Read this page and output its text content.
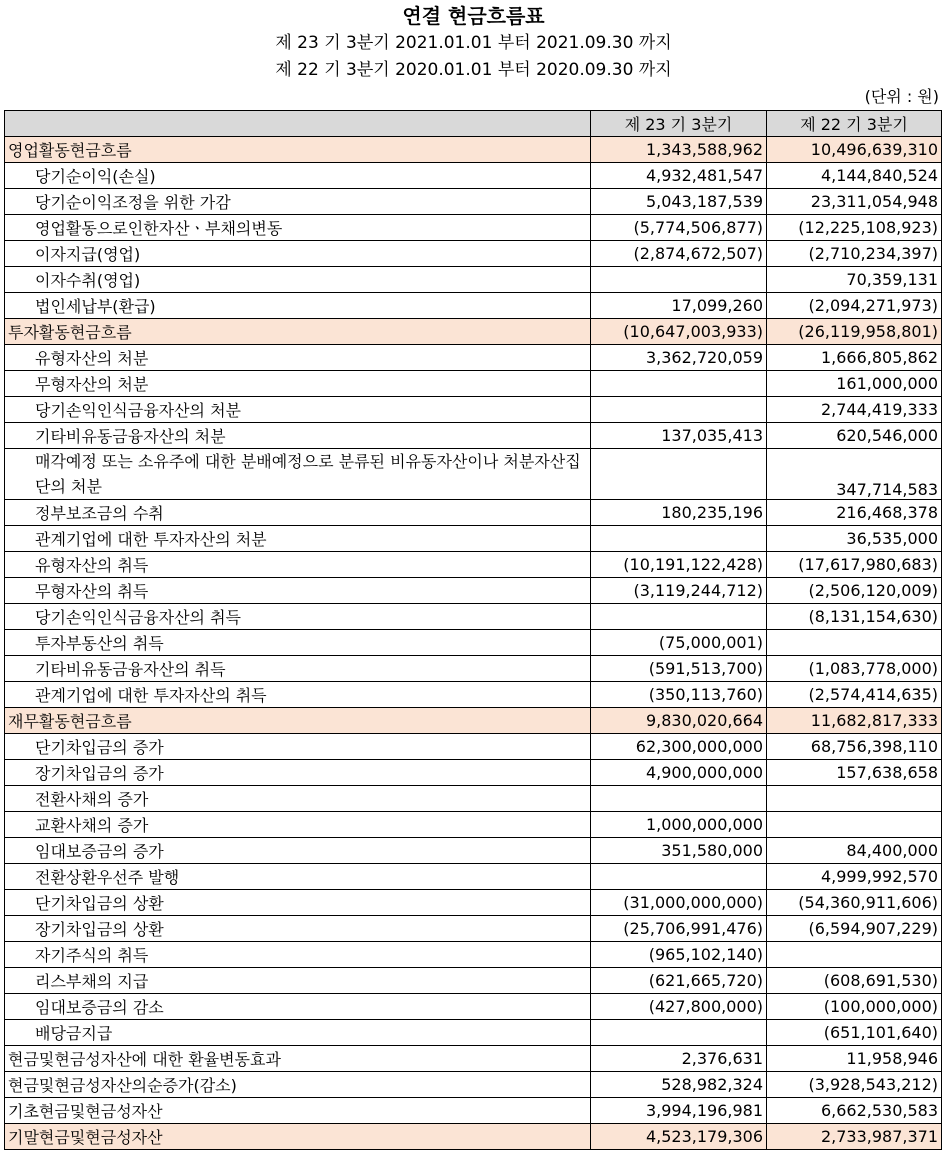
연결 현금흐름표
제 23 기 3분기 2021.01.01 부터 2021.09.30 까지
제 22 기 3분기 2020.01.01 부터 2020.09.30 까지
(단위 : 원)
	제 23 기 3분기	제 22 기 3분기
영업활동현금흐름	1,343,588,962	10,496,639,310
당기순이익(손실)	4,932,481,547	4,144,840,524
당기순이익조정을 위한 가감	5,043,187,539	23,311,054,948
영업활동으로인한자산ㆍ부채의변동	(5,774,506,877)	(12,225,108,923)
이자지급(영업)	(2,874,672,507)	(2,710,234,397)
이자수취(영업)		70,359,131
법인세납부(환급)	17,099,260	(2,094,271,973)
투자활동현금흐름	(10,647,003,933)	(26,119,958,801)
유형자산의 처분	3,362,720,059	1,666,805,862
무형자산의 처분		161,000,000
당기손익인식금융자산의 처분		2,744,419,333
기타비유동금융자산의 처분	137,035,413	620,546,000
매각예정 또는 소유주에 대한 분배예정으로 분류된 비유동자산이나 처분자산집단의 처분		347,714,583
정부보조금의 수취	180,235,196	216,468,378
관계기업에 대한 투자자산의 처분		36,535,000
유형자산의 취득	(10,191,122,428)	(17,617,980,683)
무형자산의 취득	(3,119,244,712)	(2,506,120,009)
당기손익인식금융자산의 취득		(8,131,154,630)
투자부동산의 취득	(75,000,001)	
기타비유동금융자산의 취득	(591,513,700)	(1,083,778,000)
관계기업에 대한 투자자산의 취득	(350,113,760)	(2,574,414,635)
재무활동현금흐름	9,830,020,664	11,682,817,333
단기차입금의 증가	62,300,000,000	68,756,398,110
장기차입금의 증가	4,900,000,000	157,638,658
전환사채의 증가		
교환사채의 증가	1,000,000,000	
임대보증금의 증가	351,580,000	84,400,000
전환상환우선주 발행		4,999,992,570
단기차입금의 상환	(31,000,000,000)	(54,360,911,606)
장기차입금의 상환	(25,706,991,476)	(6,594,907,229)
자기주식의 취득	(965,102,140)	
리스부채의 지급	(621,665,720)	(608,691,530)
임대보증금의 감소	(427,800,000)	(100,000,000)
배당금지급		(651,101,640)
현금및현금성자산에 대한 환율변동효과	2,376,631	11,958,946
현금및현금성자산의순증가(감소)	528,982,324	(3,928,543,212)
기초현금및현금성자산	3,994,196,981	6,662,530,583
기말현금및현금성자산	4,523,179,306	2,733,987,371
